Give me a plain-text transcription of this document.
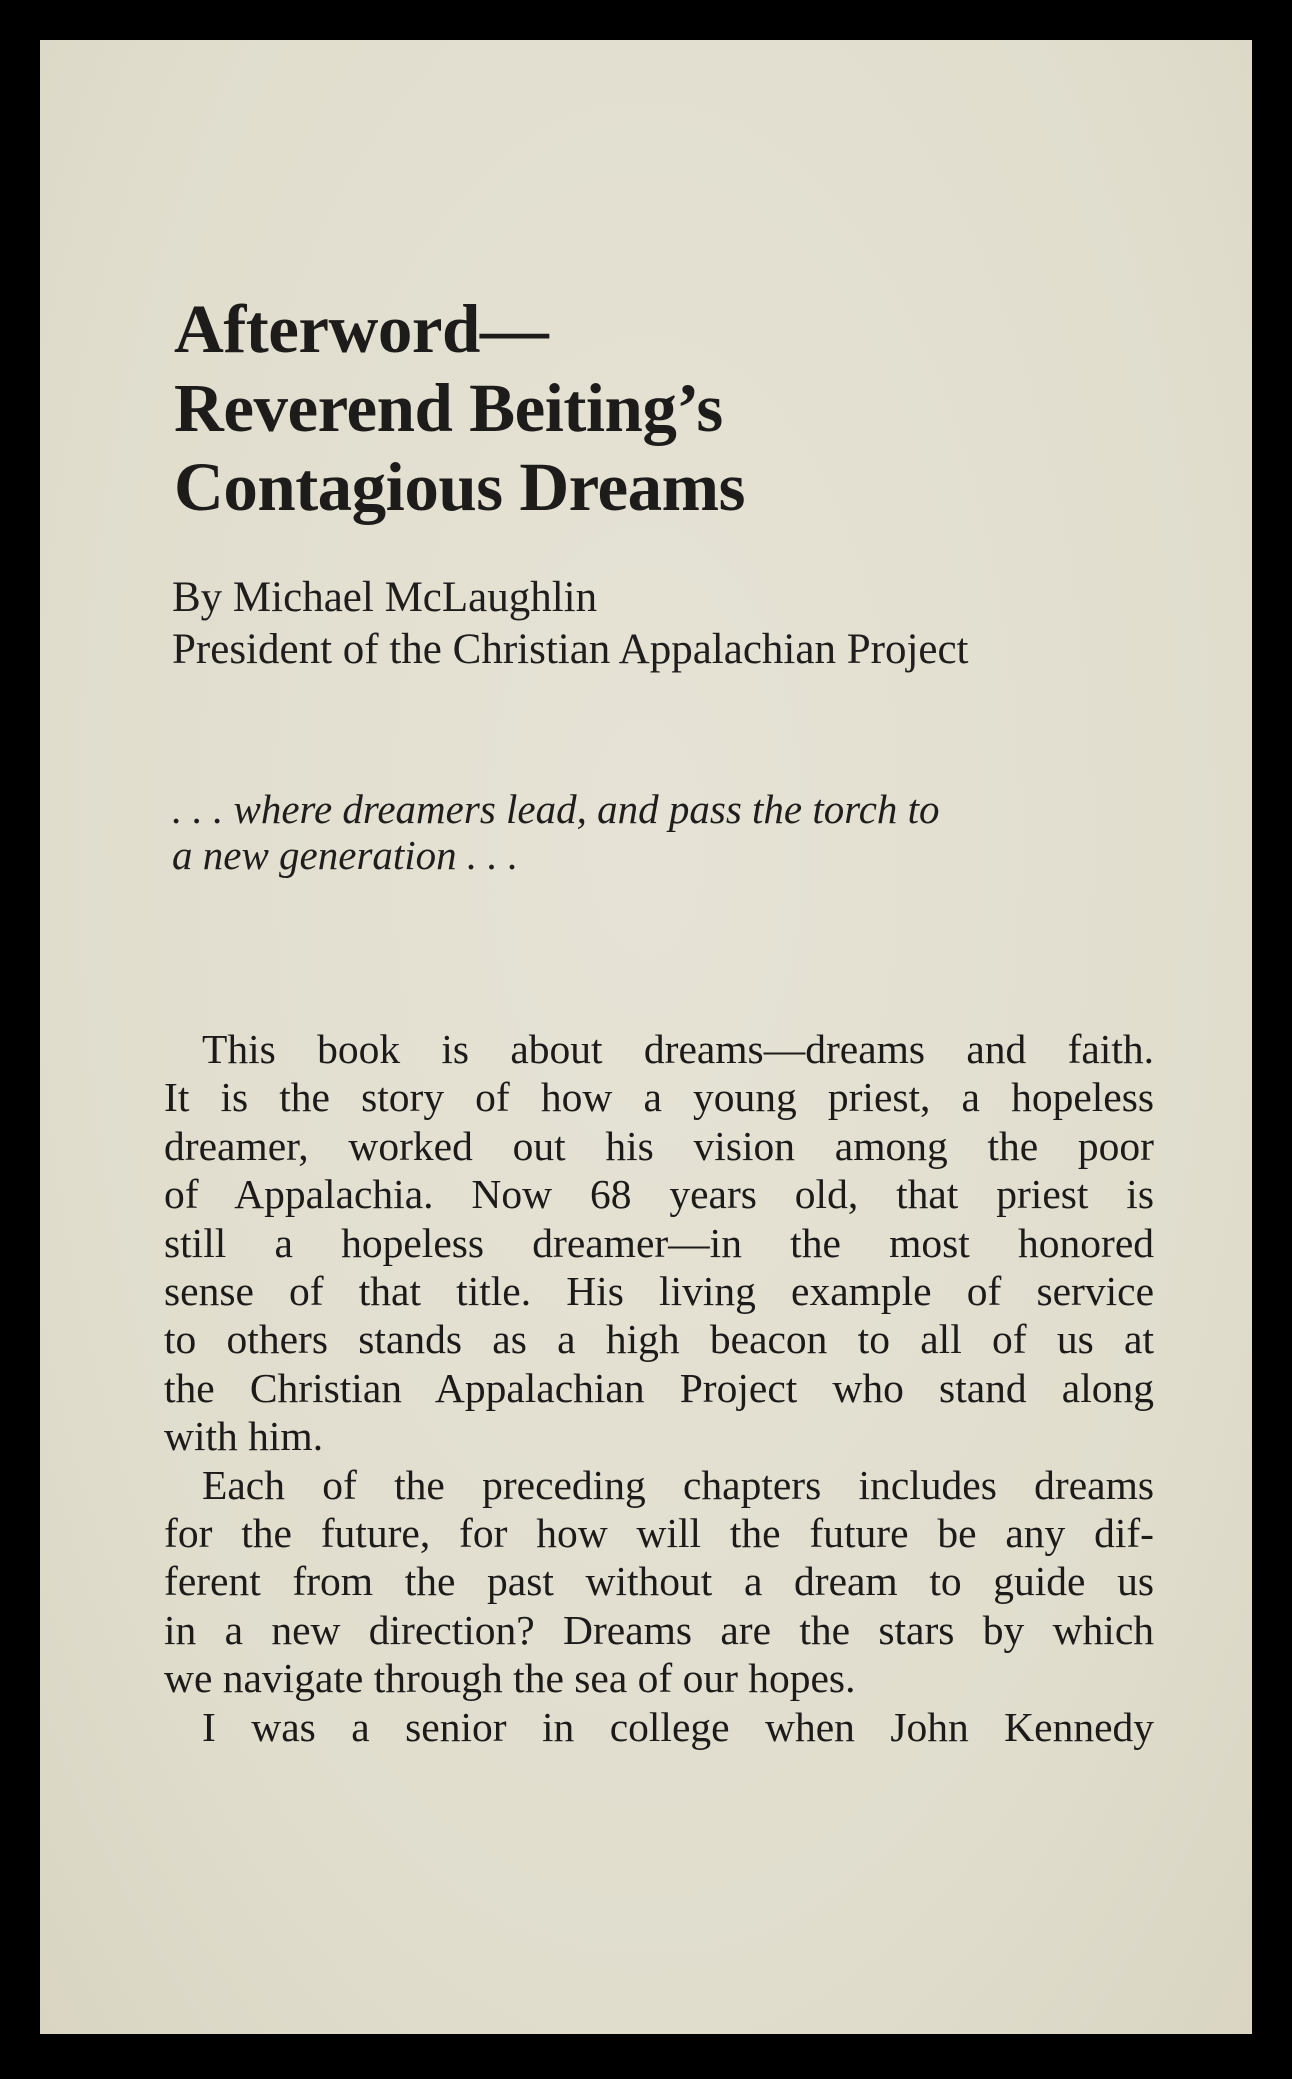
Afterword—
Reverend Beiting’s
Contagious Dreams
By Michael McLaughlin
President of the Christian Appalachian Project
. . . where dreamers lead, and pass the torch to
a new generation . . .

This book is about dreams—dreams and faith.
It is the story of how a young priest, a hopeless
dreamer, worked out his vision among the poor
of Appalachia. Now 68 years old, that priest is
still a hopeless dreamer—in the most honored
sense of that title. His living example of service
to others stands as a high beacon to all of us at
the Christian Appalachian Project who stand along
with him.

Each of the preceding chapters includes dreams
for the future, for how will the future be any dif-
ferent from the past without a dream to guide us
in a new direction? Dreams are the stars by which
we navigate through the sea of our hopes.

I was a senior in college when John Kennedy
